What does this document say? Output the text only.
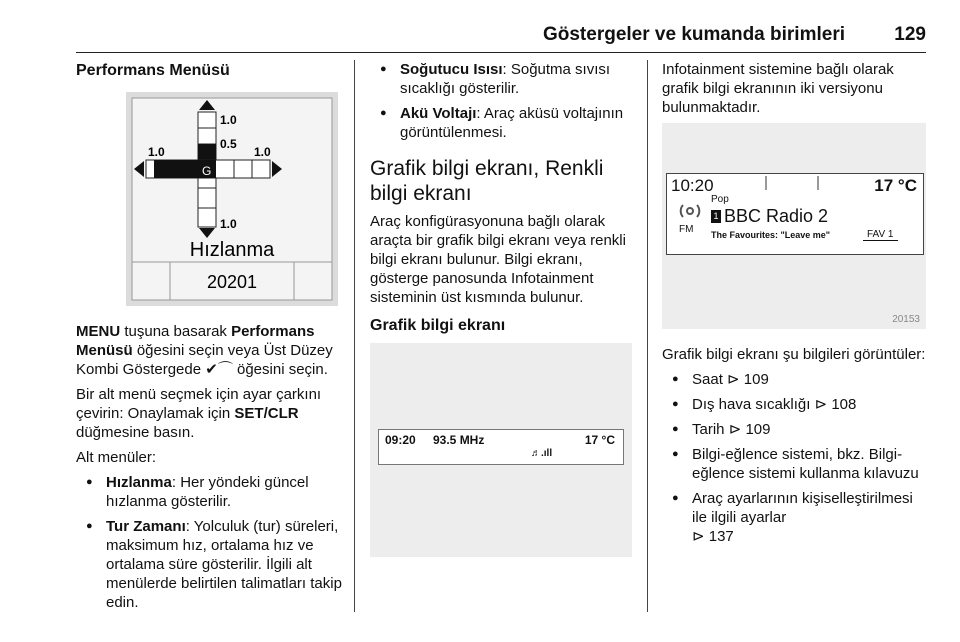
Göstergeler ve kumanda birimleri	129
Performans Menüsü
1.0
0.5
1.0	1.0
1.0
G
Hızlanma
20201

MENU tuşuna basarak Performans Menüsü öğesini seçin veya Üst Düzey Kombi Göstergede ✔⌒ öğesini seçin.

Bir alt menü seçmek için ayar çarkını çevirin: Onaylamak için SET/CLR düğmesine basın.

Alt menüler:

● Hızlanma: Her yöndeki güncel hızlanma gösterilir.
● Tur Zamanı: Yolculuk (tur) süreleri, maksimum hız, ortalama hız ve ortalama süre gösterilir. İlgili alt menülerde belirtilen talimatları takip edin.
● Soğutucu Isısı: Soğutma sıvısı sıcaklığı gösterilir.
● Akü Voltajı: Araç aküsü voltajının görüntülenmesi.
Grafik bilgi ekranı, Renkli bilgi ekranı

Araç konfigürasyonuna bağlı olarak araçta bir grafik bilgi ekranı veya renkli bilgi ekranı bulunur. Bilgi ekranı, gösterge panosunda Infotainment sisteminin üst kısmında bulunur.

Grafik bilgi ekranı
09:20 93.5 MHz	17 °C
♬.ıll

Infotainment sistemine bağlı olarak grafik bilgi ekranının iki versiyonu bulunmaktadır.

10:20	17 °C
FM
Pop
1 BBC Radio 2
The Favourites: "Leave me"	FAV 1
20153

Grafik bilgi ekranı şu bilgileri görüntüler:

● Saat ⊳ 109
● Dış hava sıcaklığı ⊳ 108
● Tarih ⊳ 109
● Bilgi-eğlence sistemi, bkz. Bilgi-eğlence sistemi kullanma kılavuzu
● Araç ayarlarının kişiselleştirilmesi ile ilgili ayarlar
⊳ 137
